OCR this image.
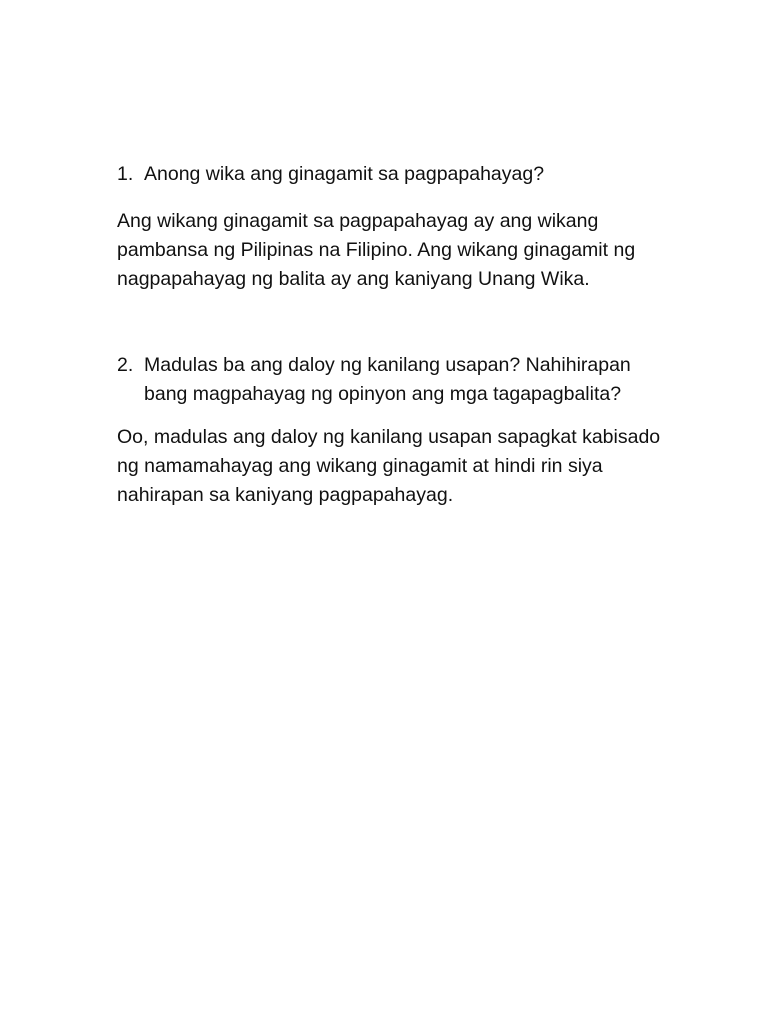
1. Anong wika ang ginagamit sa pagpapahayag?

Ang wikang ginagamit sa pagpapahayag ay ang wikang pambansa ng Pilipinas na Filipino. Ang wikang ginagamit ng nagpapahayag ng balita ay ang kaniyang Unang Wika.

2. Madulas ba ang daloy ng kanilang usapan? Nahihirapan bang magpahayag ng opinyon ang mga tagapagbalita?

Oo, madulas ang daloy ng kanilang usapan sapagkat kabisado ng namamahayag ang wikang ginagamit at hindi rin siya nahirapan sa kaniyang pagpapahayag.
